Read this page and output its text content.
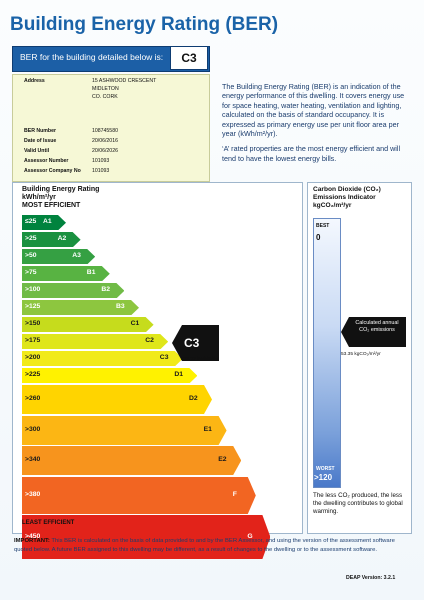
Building Energy Rating (BER)
BER for the building detailed below is:	C3
Address	15 ASHWOOD CRESCENT
MIDLETON
CO. CORK
BER Number	108745580
Date of Issue	20/06/2016
Valid Until	20/06/2026
Assessor Number	101093
Assessor Company No 101093

The Building Energy Rating (BER) is an indication of the energy performance of this dwelling. It covers energy use for space heating, water heating, ventilation and lighting, calculated on the basis of standard occupancy. It is expressed as primary energy use per unit floor area per year (kWh/m²/yr).

‘A’ rated properties are the most energy efficient and will tend to have the lowest energy bills.

Building Energy Rating
kWh/m²/yr
MOST EFFICIENT
≤25 A1
>25	A2
>50	A3
>75	B1
>100	B2
>125	B3
>150	C1
>175	C2
>200	C3
>225	D1
>260	D2
>300	E1
>340	E2
>380	F
>450	G
LEAST EFFICIENT
C3
223.13 kWh/m²/yr
Carbon Dioxide (CO₂) Emissions Indicator kgCO₂/m²/yr
BEST
0
WORST
>120
Calculated annual CO₂ emissions
53.35 kgCO₂/m²/yr
The less CO₂ produced, the less the dwelling contributes to global warming.
IMPORTANT: This BER is calculated on the basis of data provided to and by the BER Assessor, and using the version of the assessment software quoted below. A future BER assigned to this dwelling may be different, as a result of changes to the dwelling or to the assessment software.
DEAP Version: 3.2.1
